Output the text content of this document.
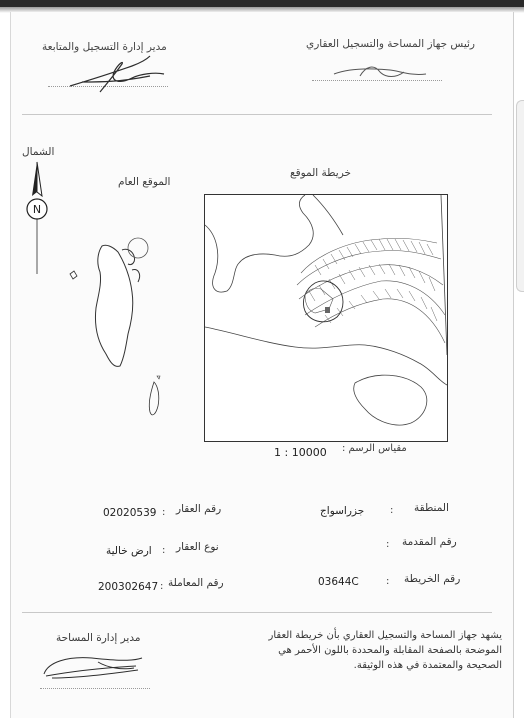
مدير إدارة التسجيل والمتابعة	رئيس جهاز المساحة والتسجيل العقاري
الشمال
N
الموقع العام
خريطة الموقع
مقياس الرسم :
1 : 10000
المنطقة
:
جزراسواج
رقم العقار
:
02020539
رقم المقدمة
:
نوع العقار
:
ارض خالية
رقم الخريطة
:
03644C
رقم المعاملة
:
200302647
مدير إدارة المساحة	يشهد جهاز المساحة والتسجيل العقاري بأن خريطة العقار الموضحة بالصفحة المقابلة والمحددة باللون الأحمر هي الصحيحة والمعتمدة في هذه الوثيقة.
